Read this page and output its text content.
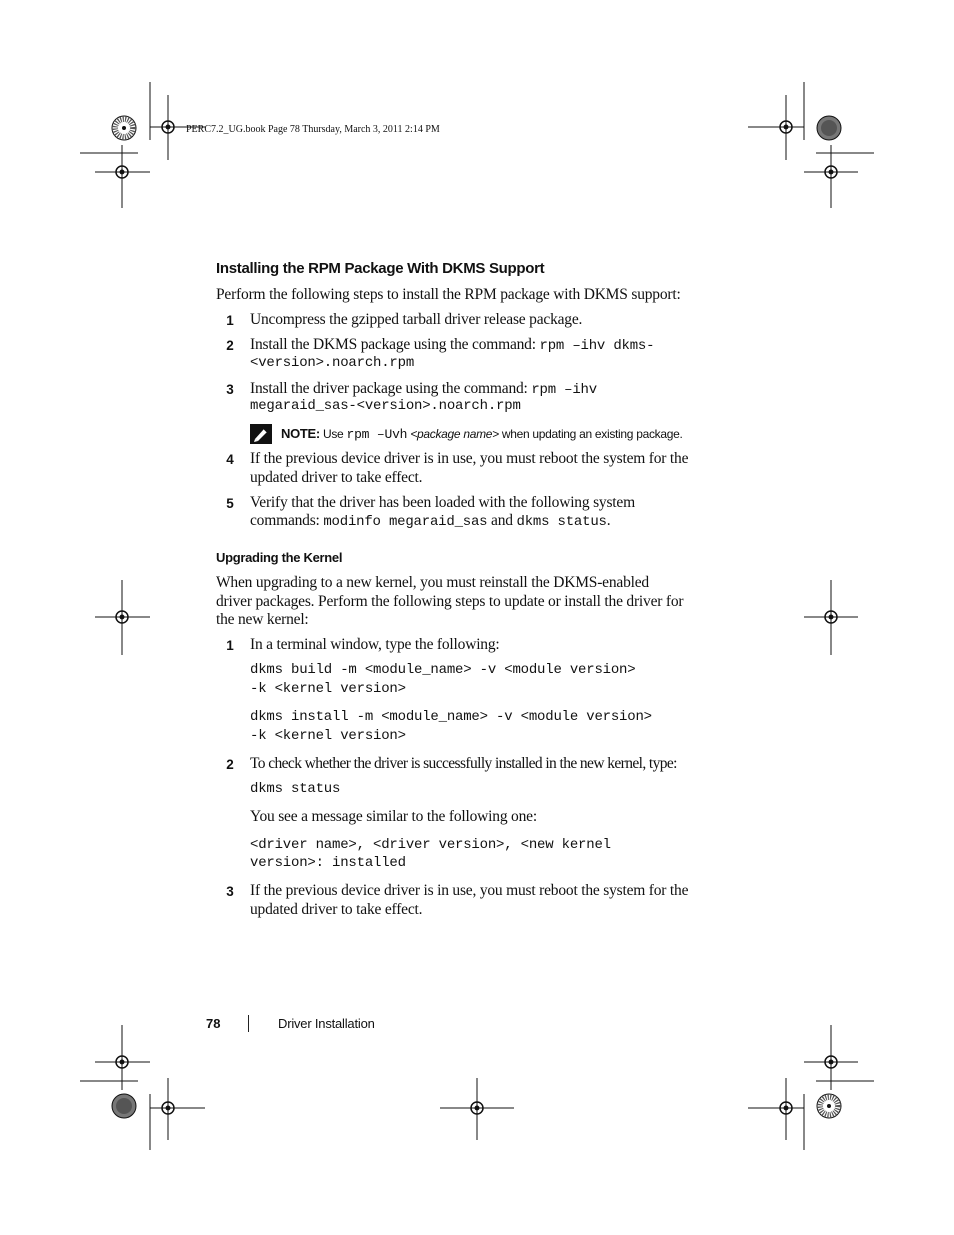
PERC7.2_UG.book Page 78 Thursday, March 3, 2011 2:14 PM
Installing the RPM Package With DKMS Support
Perform the following steps to install the RPM package with DKMS support:
1 Uncompress the gzipped tarball driver release package.
2 Install the DKMS package using the command: rpm –ihv dkms-
<version>.noarch.rpm
3 Install the driver package using the command: rpm –ihv
megaraid_sas-<version>.noarch.rpm
NOTE: Use rpm –Uvh <package name> when updating an existing package.
4 If the previous device driver is in use, you must reboot the system for the
updated driver to take effect.
5 Verify that the driver has been loaded with the following system
commands: modinfo megaraid_sas and dkms status.
Upgrading the Kernel
When upgrading to a new kernel, you must reinstall the DKMS-enabled
driver packages. Perform the following steps to update or install the driver for
the new kernel:
1 In a terminal window, type the following:
dkms build -m <module_name> -v <module version>
-k <kernel version>
dkms install -m <module_name> -v <module version>
-k <kernel version>
2 To check whether the driver is successfully installed in the new kernel, type:
dkms status
You see a message similar to the following one:
<driver name>, <driver version>, <new kernel
version>: installed
3 If the previous device driver is in use, you must reboot the system for the
updated driver to take effect.
78	Driver Installation
